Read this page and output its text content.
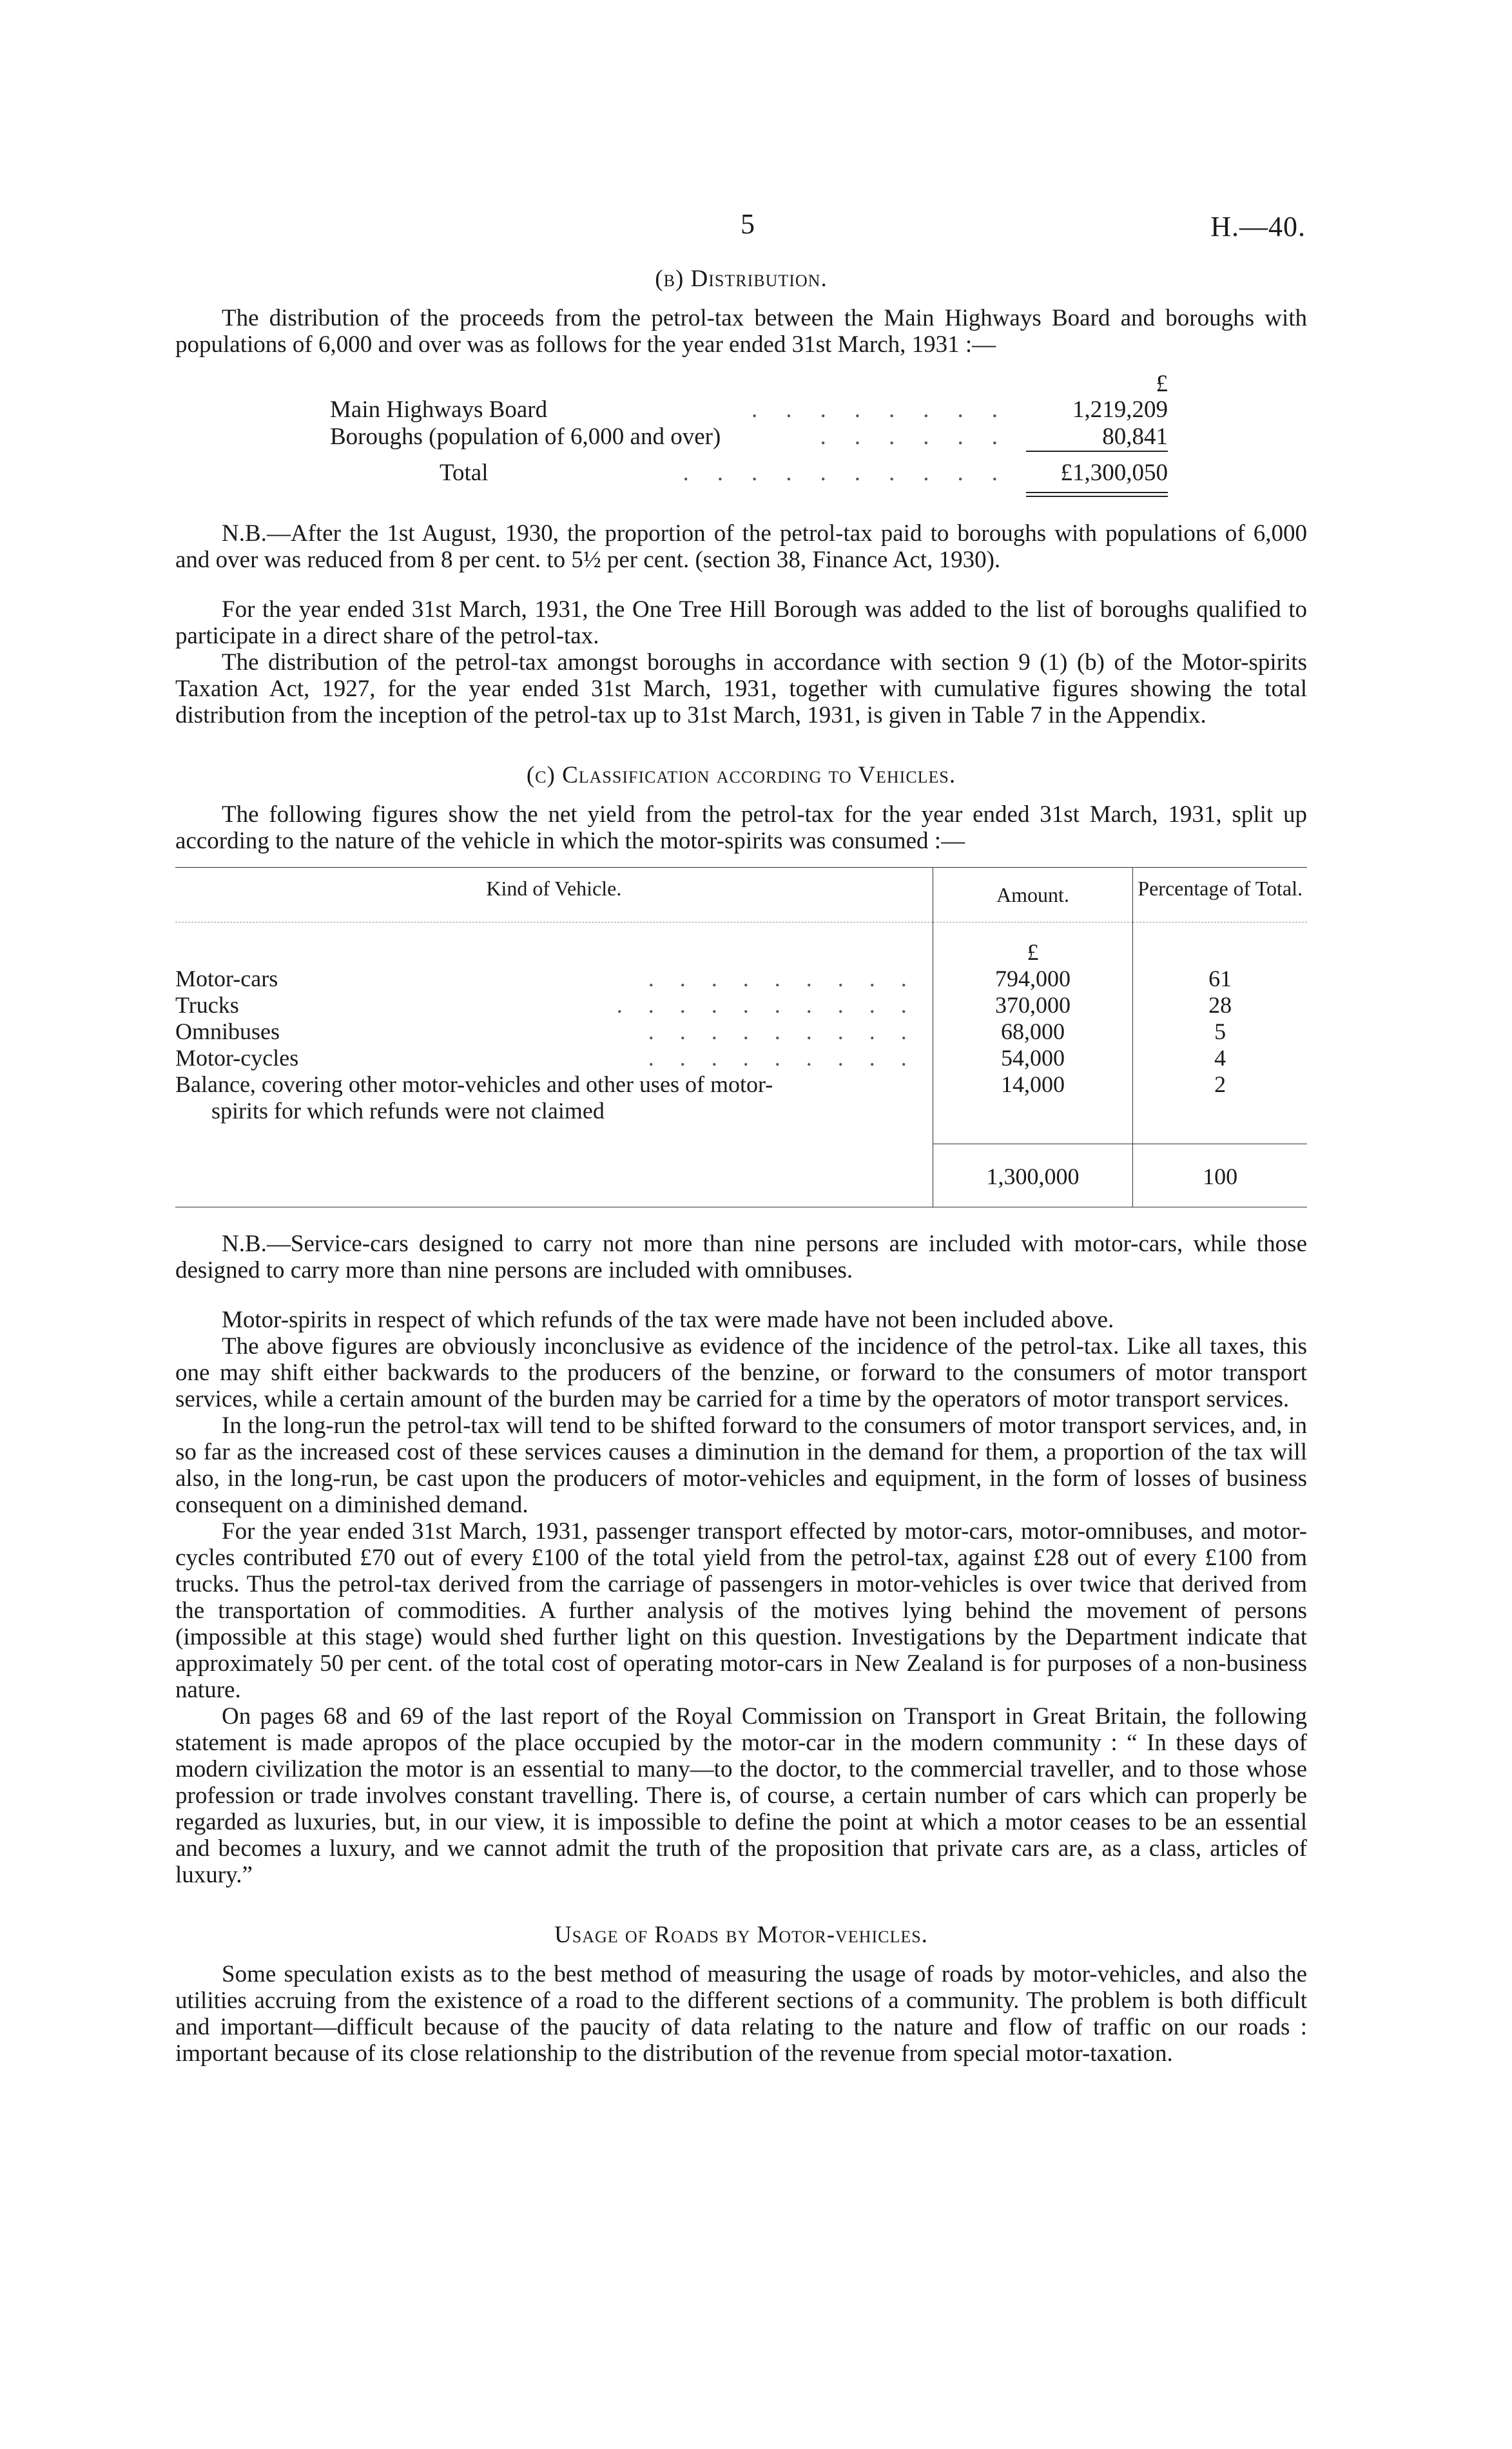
5	H.—40.
(b) Distribution.

The distribution of the proceeds from the petrol-tax between the Main Highways Board and boroughs with populations of 6,000 and over was as follows for the year ended 31st March, 1931 :—

£
Main Highways Board	........	1,219,209
Boroughs (population of 6,000 and over)	......	80,841
Total	..........	£1,300,050

N.B.—After the 1st August, 1930, the proportion of the petrol-tax paid to boroughs with populations of 6,000 and over was reduced from 8 per cent. to 5½ per cent. (section 38, Finance Act, 1930).

For the year ended 31st March, 1931, the One Tree Hill Borough was added to the list of boroughs qualified to participate in a direct share of the petrol-tax.

The distribution of the petrol-tax amongst boroughs in accordance with section 9 (1) (b) of the Motor-spirits Taxation Act, 1927, for the year ended 31st March, 1931, together with cumulative figures showing the total distribution from the inception of the petrol-tax up to 31st March, 1931, is given in Table 7 in the Appendix.

(c) Classification according to Vehicles.

The following figures show the net yield from the petrol-tax for the year ended 31st March, 1931, split up according to the nature of the vehicle in which the motor-spirits was consumed :—

Kind of Vehicle.	Amount.	Percentage of Total.
	£	

Motor-cars .........	794,000	61

Trucks ..........	370,000	28

Omnibuses .........	68,000	5

Motor-cycles .........	54,000	4

Balance, covering other motor-vehicles and other uses of motor-
spirits for which refunds were not claimed	14,000	2

	1,300,000	100

N.B.—Service-cars designed to carry not more than nine persons are included with motor-cars, while those designed to carry more than nine persons are included with omnibuses.

Motor-spirits in respect of which refunds of the tax were made have not been included above.

The above figures are obviously inconclusive as evidence of the incidence of the petrol-tax. Like all taxes, this one may shift either backwards to the producers of the benzine, or forward to the consumers of motor transport services, while a certain amount of the burden may be carried for a time by the operators of motor transport services.

In the long-run the petrol-tax will tend to be shifted forward to the consumers of motor transport services, and, in so far as the increased cost of these services causes a diminution in the demand for them, a proportion of the tax will also, in the long-run, be cast upon the producers of motor-vehicles and equipment, in the form of losses of business consequent on a diminished demand.

For the year ended 31st March, 1931, passenger transport effected by motor-cars, motor-omnibuses, and motor-cycles contributed £70 out of every £100 of the total yield from the petrol-tax, against £28 out of every £100 from trucks. Thus the petrol-tax derived from the carriage of passengers in motor-vehicles is over twice that derived from the transportation of commodities. A further analysis of the motives lying behind the movement of persons (impossible at this stage) would shed further light on this question. Investigations by the Department indicate that approximately 50 per cent. of the total cost of operating motor-cars in New Zealand is for purposes of a non-business nature.

On pages 68 and 69 of the last report of the Royal Commission on Transport in Great Britain, the following statement is made apropos of the place occupied by the motor-car in the modern community : “ In these days of modern civilization the motor is an essential to many—to the doctor, to the commercial traveller, and to those whose profession or trade involves constant travelling. There is, of course, a certain number of cars which can properly be regarded as luxuries, but, in our view, it is impossible to define the point at which a motor ceases to be an essential and becomes a luxury, and we cannot admit the truth of the proposition that private cars are, as a class, articles of luxury.”

Usage of Roads by Motor-vehicles.

Some speculation exists as to the best method of measuring the usage of roads by motor-vehicles, and also the utilities accruing from the existence of a road to the different sections of a community. The problem is both difficult and important—difficult because of the paucity of data relating to the nature and flow of traffic on our roads : important because of its close relationship to the distribution of the revenue from special motor-taxation.
